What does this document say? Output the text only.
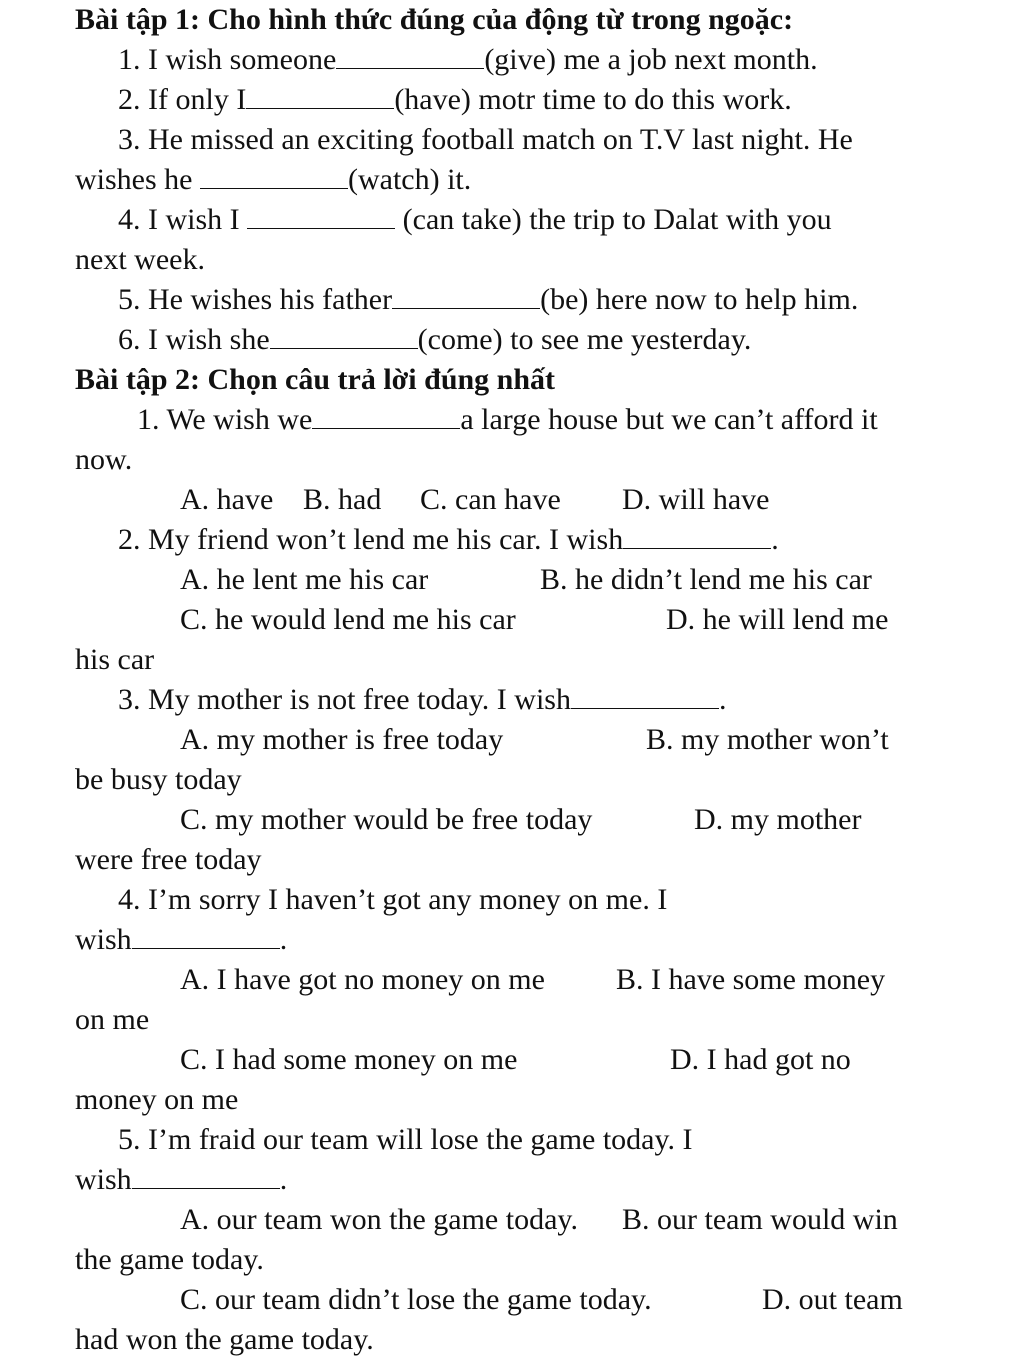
Bài tập 1: Cho hình thức đúng của động từ trong ngoặc:
1. I wish someone	(give) me a job next month.
2. If only I	(have) motr time to do this work.
3. He missed an exciting football match on T.V last night. He
wishes he	(watch) it.
4. I wish I	(can take) the trip to Dalat with you
next week.
5. He wishes his father	(be) here now to help him.
6. I wish she	(come) to see me yesterday.
Bài tập 2: Chọn câu trả lời đúng nhất
1. We wish we	a large house but we can’t afford it
now.
A. have B. had C. can have D. will have
2. My friend won’t lend me his car. I wish	.
A. he lent me his car	B. he didn’t lend me his car
C. he would lend me his car	D. he will lend me
his car
3. My mother is not free today. I wish	.
A. my mother is free today	B. my mother won’t
be busy today
C. my mother would be free today	D. my mother
were free today
4. I’m sorry I haven’t got any money on me. I
wish	.
A. I have got no money on me B. I have some money
on me
C. I had some money on me	D. I had got no
money on me
5. I’m fraid our team will lose the game today. I
wish	.
A. our team won the game today. B. our team would win
the game today.
C. our team didn’t lose the game today.	D. out team
had won the game today.
